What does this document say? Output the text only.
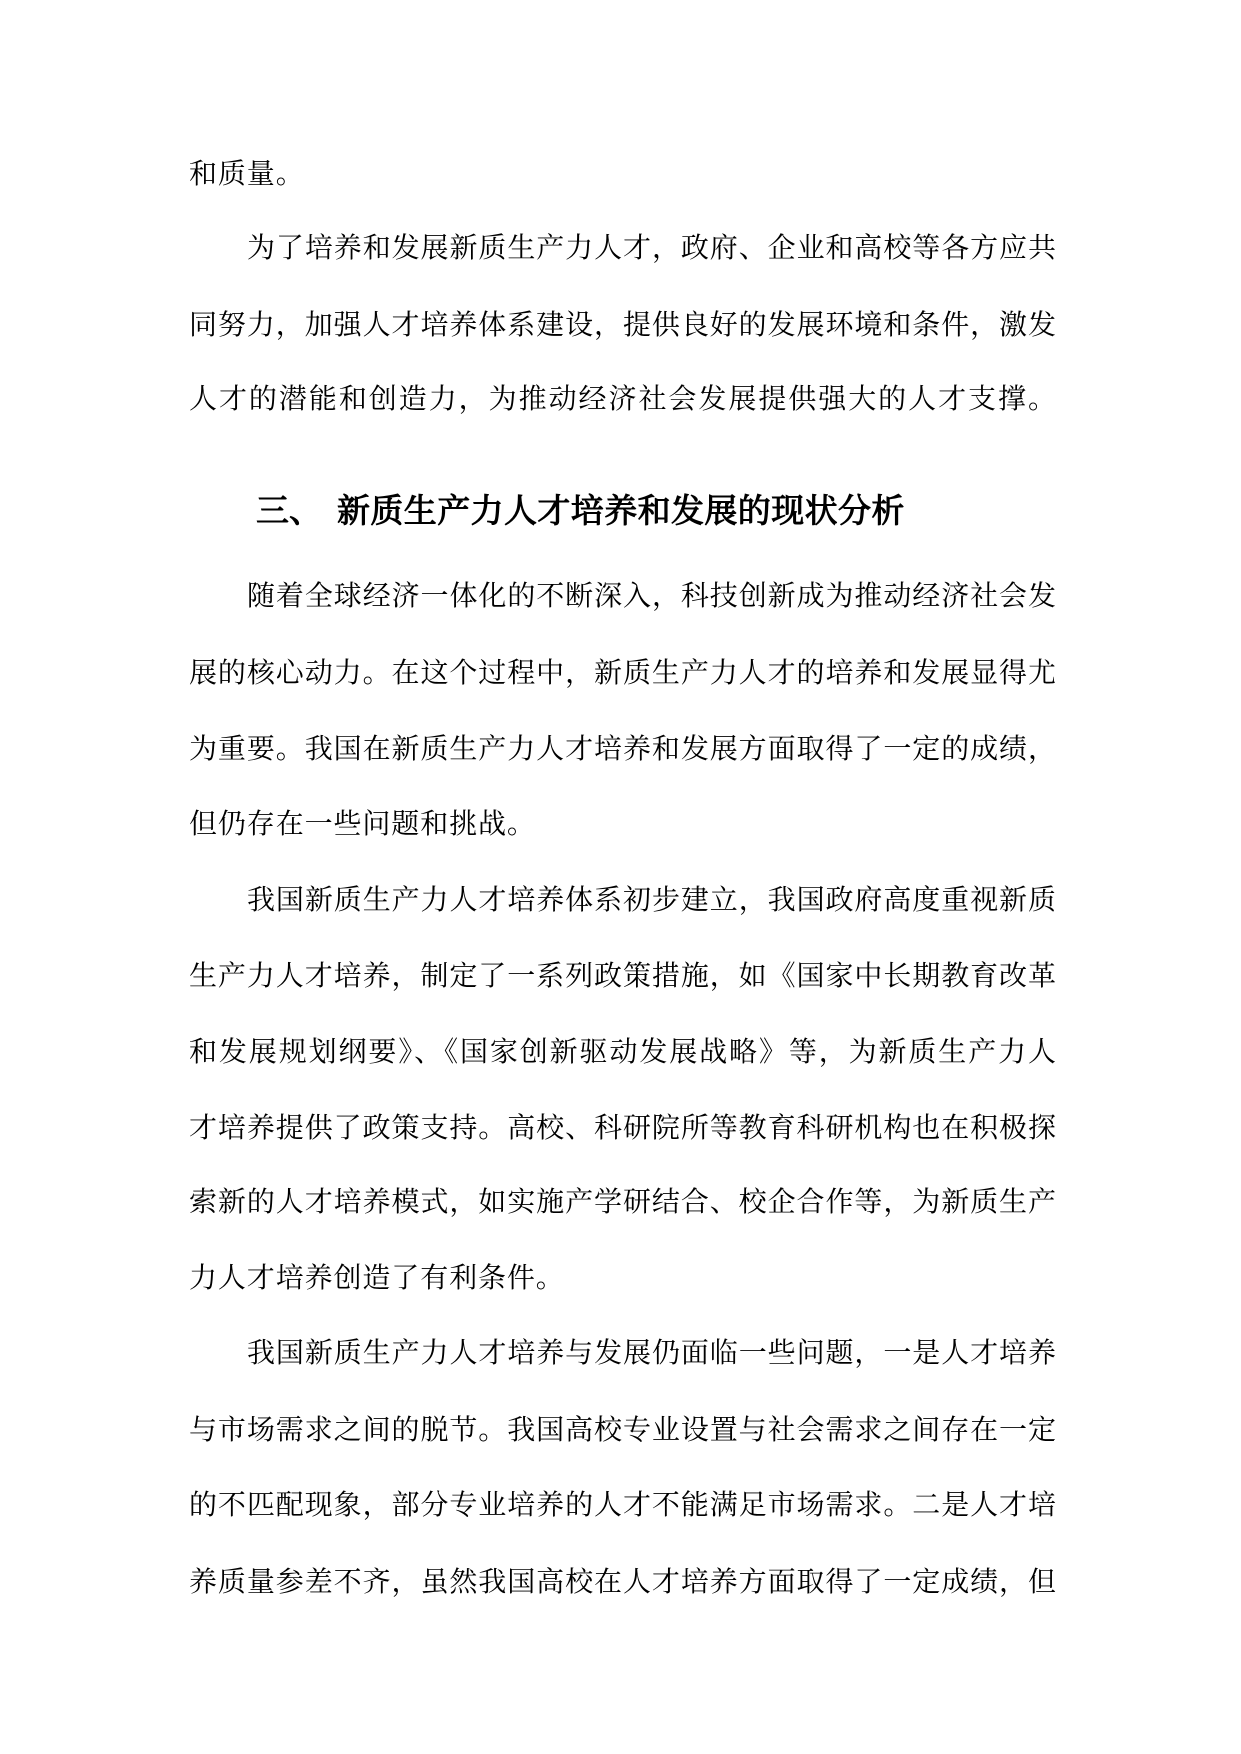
和质量。
为了培养和发展新质生产力人才，政府、企业和高校等各方应共
同努力，加强人才培养体系建设，提供良好的发展环境和条件，激发
人才的潜能和创造力，为推动经济社会发展提供强大的人才支撑。
三、 新质生产力人才培养和发展的现状分析
随着全球经济一体化的不断深入，科技创新成为推动经济社会发
展的核心动力。在这个过程中，新质生产力人才的培养和发展显得尤
为重要。我国在新质生产力人才培养和发展方面取得了一定的成绩，
但仍存在一些问题和挑战。
我国新质生产力人才培养体系初步建立，我国政府高度重视新质
生产力人才培养，制定了一系列政策措施，如《国家中长期教育改革
和发展规划纲要》、《国家创新驱动发展战略》等，为新质生产力人
才培养提供了政策支持。高校、科研院所等教育科研机构也在积极探
索新的人才培养模式，如实施产学研结合、校企合作等，为新质生产
力人才培养创造了有利条件。
我国新质生产力人才培养与发展仍面临一些问题，一是人才培养
与市场需求之间的脱节。我国高校专业设置与社会需求之间存在一定
的不匹配现象，部分专业培养的人才不能满足市场需求。二是人才培
养质量参差不齐，虽然我国高校在人才培养方面取得了一定成绩，但
